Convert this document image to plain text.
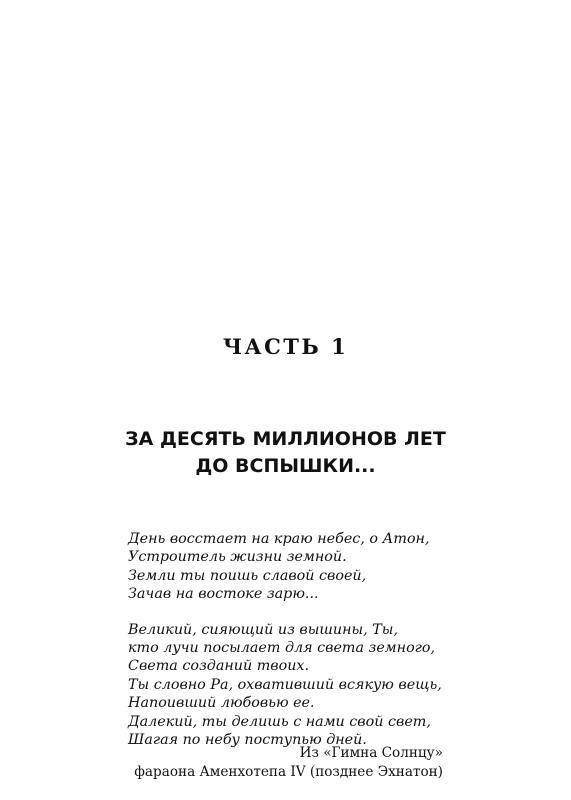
ЧАСТЬ 1
ЗА ДЕСЯТЬ МИЛЛИОНОВ ЛЕТ
ДО ВСПЫШКИ...
День восстает на краю небес, о Атон,
Устроитель жизни земной.
Земли ты поишь славой своей,
Зачав на востоке зарю...
Великий, сияющий из вышины, Ты,
кто лучи посылает для света земного,
Света созданий твоих.
Ты словно Ра, охвативший всякую вещь,
Напоивший любовью ее.
Далекий, ты делишь с нами свой свет,
Шагая по небу поступью дней.
Из «Гимна Солнцу»
фараона Аменхотепа IV (позднее Эхнатон)
